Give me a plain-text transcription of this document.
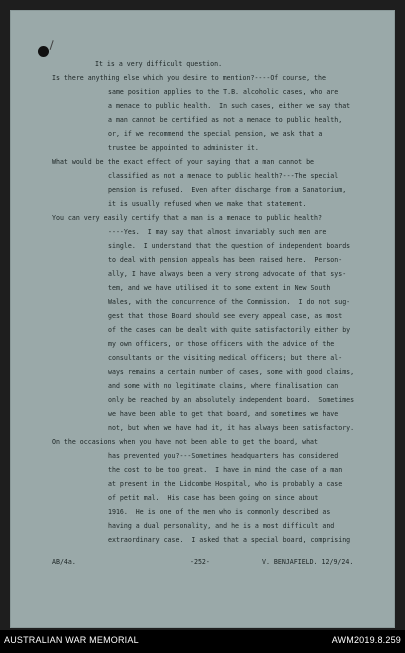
It is a very difficult question.

Is there anything else which you desire to mention?----Of course, the

same position applies to the T.B. alcoholic cases, who are

a menace to public health.  In such cases, either we say that

a man cannot be certified as not a menace to public health,

or, if we recommend the special pension, we ask that a

trustee be appointed to administer it.

What would be the exact effect of your saying that a man cannot be

classified as not a menace to public health?---The special

pension is refused.  Even after discharge from a Sanatorium,

it is usually refused when we make that statement.

You can very easily certify that a man is a menace to public health?

----Yes.  I may say that almost invariably such men are

single.  I understand that the question of independent boards

to deal with pension appeals has been raised here.  Person-

ally, I have always been a very strong advocate of that sys-

tem, and we have utilised it to some extent in New South

Wales, with the concurrence of the Commission.  I do not sug-

gest that those Board should see every appeal case, as most

of the cases can be dealt with quite satisfactorily either by

my own officers, or those officers with the advice of the

consultants or the visiting medical officers; but there al-

ways remains a certain number of cases, some with good claims,

and some with no legitimate claims, where finalisation can

only be reached by an absolutely independent board.  Sometimes

we have been able to get that board, and sometimes we have

not, but when we have had it, it has always been satisfactory.

On the occasions when you have not been able to get the board, what

has prevented you?---Sometimes headquarters has considered

the cost to be too great.  I have in mind the case of a man

at present in the Lidcombe Hospital, who is probably a case

of petit mal.  His case has been going on since about

1916.  He is one of the men who is commonly described as

having a dual personality, and he is a most difficult and

extraordinary case.  I asked that a special board, comprising

AB/4a.

	-252-

	V. BENJAFIELD. 12/9/24.

AUSTRALIAN WAR MEMORIAL	AWM2019.8.259
